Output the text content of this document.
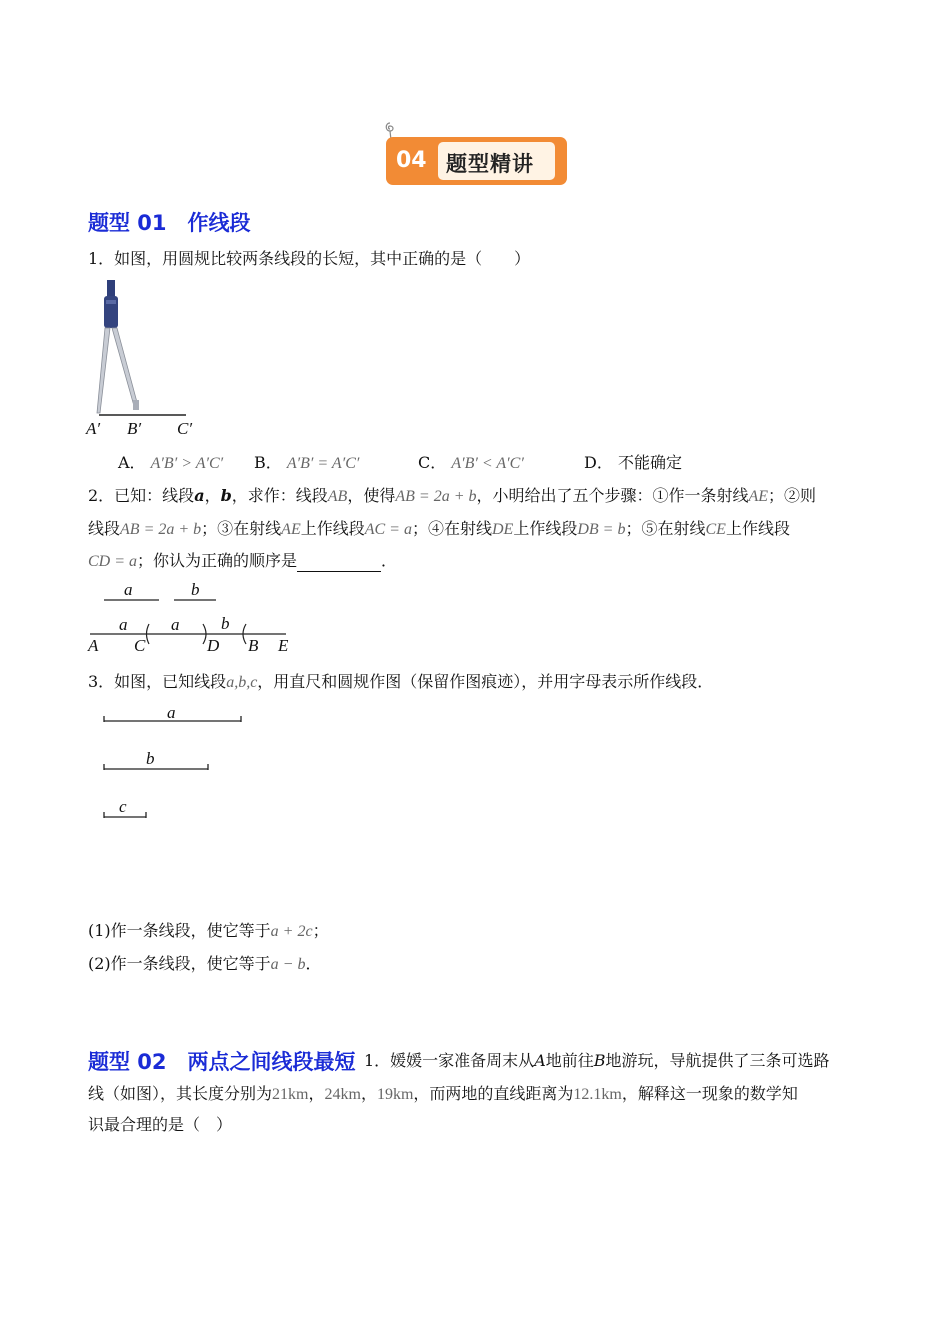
04 题型精讲
题型 01　作线段
1．如图，用圆规比较两条线段的长短，其中正确的是（　　）
A′ B′ C′
A． A′B′ > A′C′ B． A′B′ = A′C′	C． A′B′ < A′C′	D． 不能确定
2．已知：线段a，b，求作：线段AB，使得AB = 2a + b，小明给出了五个步骤：①作一条射线AE；②则
线段AB = 2a + b；③在射线AE上作线段AC = a；④在射线DE上作线段DB = b；⑤在射线CE上作线段
CD = a；你认为正确的顺序是	．
a	b
a	a b
A C	D B E
3．如图，已知线段a,b,c，用直尺和圆规作图（保留作图痕迹），并用字母表示所作线段．
a
b
c
(1)作一条线段，使它等于a + 2c；
(2)作一条线段，使它等于a − b．
题型 02　两点之间线段最短 1．媛媛一家准备周末从A地前往B地游玩，导航提供了三条可选路
线（如图），其长度分别为21km，24km，19km，而两地的直线距离为12.1km，解释这一现象的数学知
识最合理的是（　）
